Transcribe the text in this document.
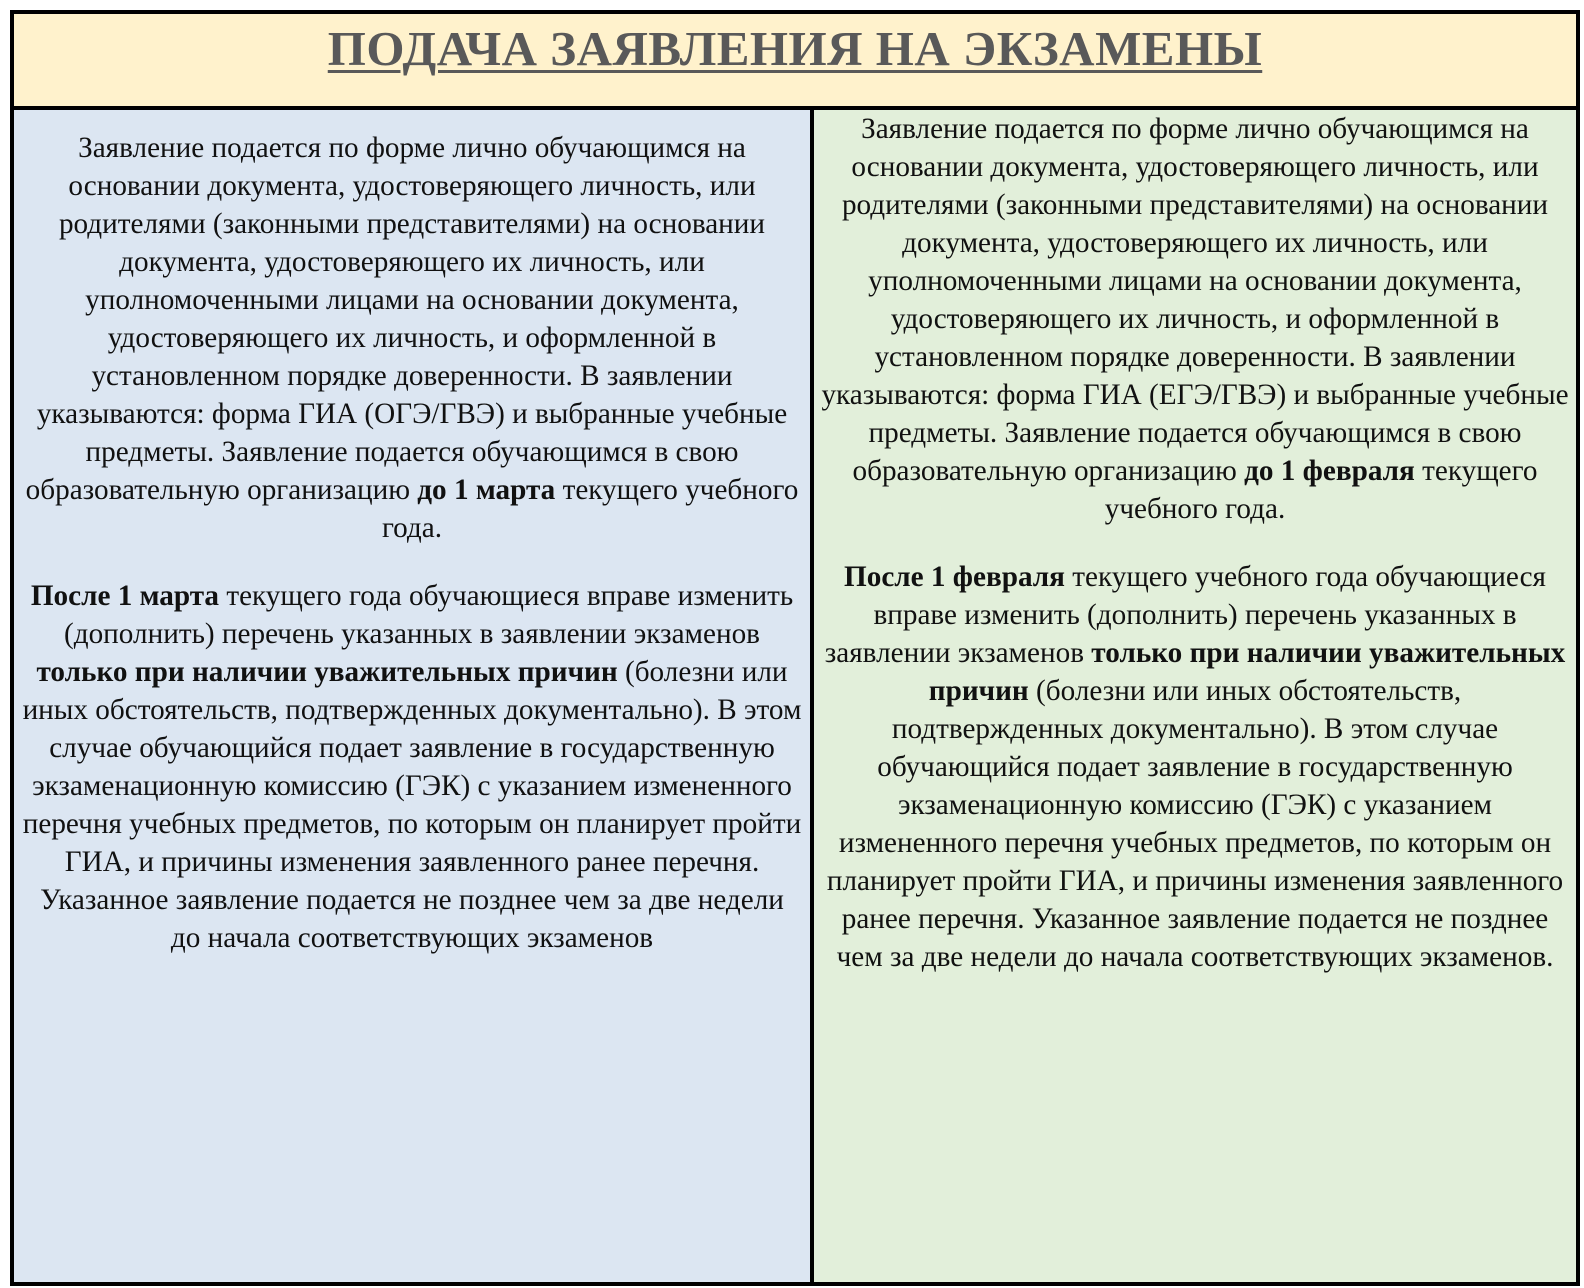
ПОДАЧА ЗАЯВЛЕНИЯ НА ЭКЗАМЕНЫ

Заявление подается по форме лично обучающимся на основании документа, удостоверяющего личность, или родителями (законными представителями) на основании документа, удостоверяющего их личность, или уполномоченными лицами на основании документа, удостоверяющего их личность, и оформленной в установленном порядке доверенности. В заявлении указываются: форма ГИА (ОГЭ/ГВЭ) и выбранные учебные предметы. Заявление подается обучающимся в свою образовательную организацию до 1 марта текущего учебного года.

После 1 марта текущего года обучающиеся вправе изменить (дополнить) перечень указанных в заявлении экзаменов только при наличии уважительных причин (болезни или иных обстоятельств, подтвержденных документально). В этом случае обучающийся подает заявление в государственную экзаменационную комиссию (ГЭК) с указанием измененного перечня учебных предметов, по которым он планирует пройти ГИА, и причины изменения заявленного ранее перечня. Указанное заявление подается не позднее чем за две недели до начала соответствующих экзаменов

Заявление подается по форме лично обучающимся на основании документа, удостоверяющего личность, или родителями (законными представителями) на основании документа, удостоверяющего их личность, или уполномоченными лицами на основании документа, удостоверяющего их личность, и оформленной в установленном порядке доверенности. В заявлении указываются: форма ГИА (ЕГЭ/ГВЭ) и выбранные учебные предметы. Заявление подается обучающимся в свою образовательную организацию до 1 февраля текущего учебного года.

После 1 февраля текущего учебного года обучающиеся вправе изменить (дополнить) перечень указанных в заявлении экзаменов только при наличии уважительных причин (болезни или иных обстоятельств, подтвержденных документально). В этом случае обучающийся подает заявление в государственную экзаменационную комиссию (ГЭК) с указанием измененного перечня учебных предметов, по которым он планирует пройти ГИА, и причины изменения заявленного ранее перечня. Указанное заявление подается не позднее чем за две недели до начала соответствующих экзаменов.
